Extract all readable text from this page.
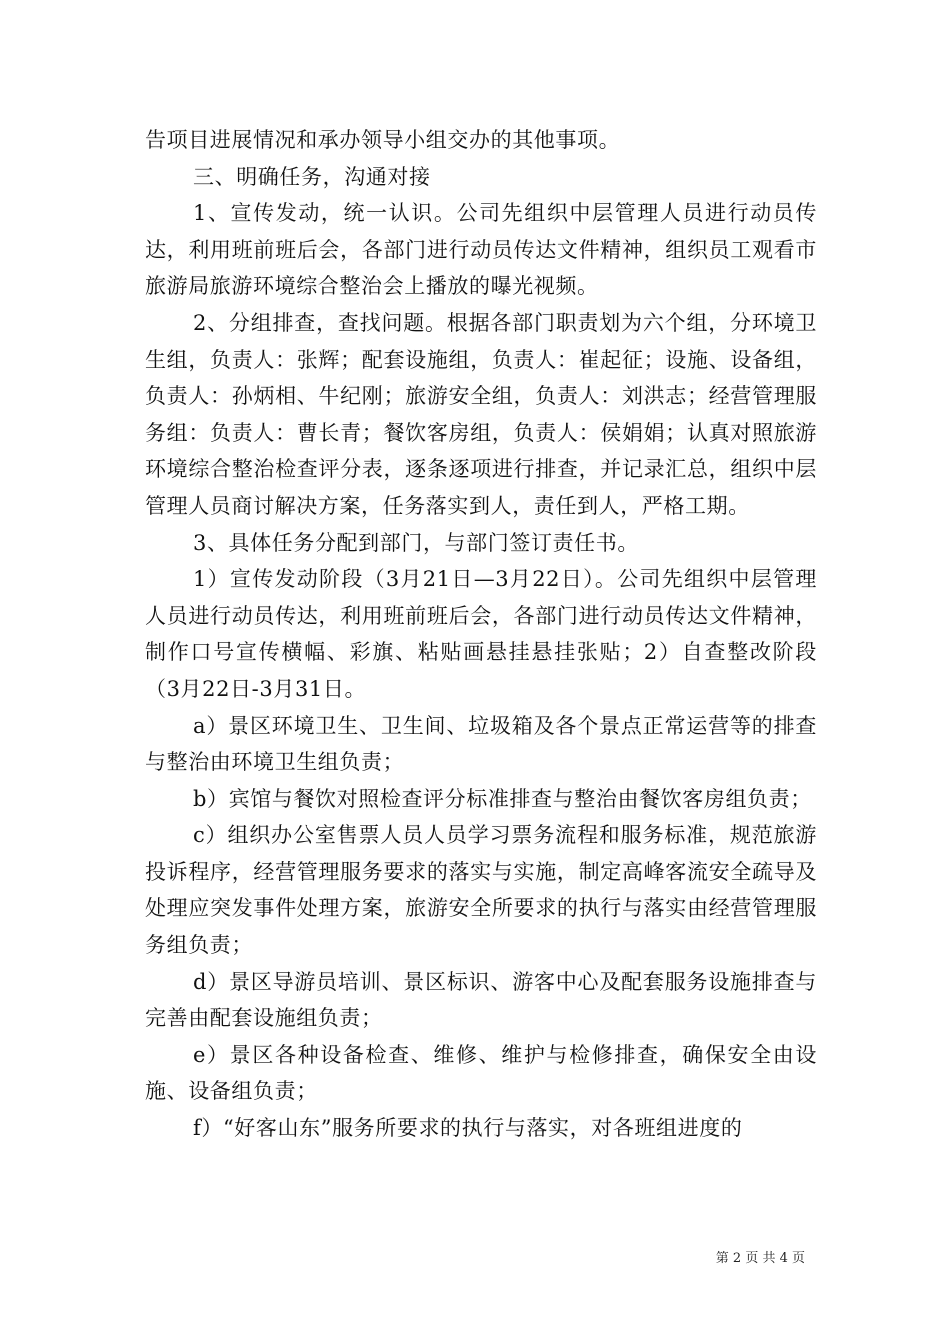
告项目进展情况和承办领导小组交办的其他事项。

三、明确任务，沟通对接

1、宣传发动，统一认识。公司先组织中层管理人员进行动员传达，利用班前班后会，各部门进行动员传达文件精神，组织员工观看市旅游局旅游环境综合整治会上播放的曝光视频。

2、分组排查，查找问题。根据各部门职责划为六个组，分环境卫生组，负责人：张辉；配套设施组，负责人：崔起征；设施、设备组，负责人：孙炳相、牛纪刚；旅游安全组，负责人：刘洪志；经营管理服务组：负责人：曹长青；餐饮客房组，负责人：侯娟娟；认真对照旅游环境综合整治检查评分表，逐条逐项进行排查，并记录汇总，组织中层管理人员商讨解决方案，任务落实到人，责任到人，严格工期。

3、具体任务分配到部门，与部门签订责任书。

1）宣传发动阶段（3月21日—3月22日）。公司先组织中层管理人员进行动员传达，利用班前班后会，各部门进行动员传达文件精神，制作口号宣传横幅、彩旗、粘贴画悬挂悬挂张贴；2）自查整改阶段（3月22日-3月31日。

a）景区环境卫生、卫生间、垃圾箱及各个景点正常运营等的排查与整治由环境卫生组负责；

b）宾馆与餐饮对照检查评分标准排查与整治由餐饮客房组负责；

c）组织办公室售票人员人员学习票务流程和服务标准，规范旅游投诉程序，经营管理服务要求的落实与实施，制定高峰客流安全疏导及处理应突发事件处理方案，旅游安全所要求的执行与落实由经营管理服务组负责；

d）景区导游员培训、景区标识、游客中心及配套服务设施排查与完善由配套设施组负责；

e）景区各种设备检查、维修、维护与检修排查，确保安全由设施、设备组负责；

f）“好客山东”服务所要求的执行与落实，对各班组进度的

第 2 页 共 4 页
